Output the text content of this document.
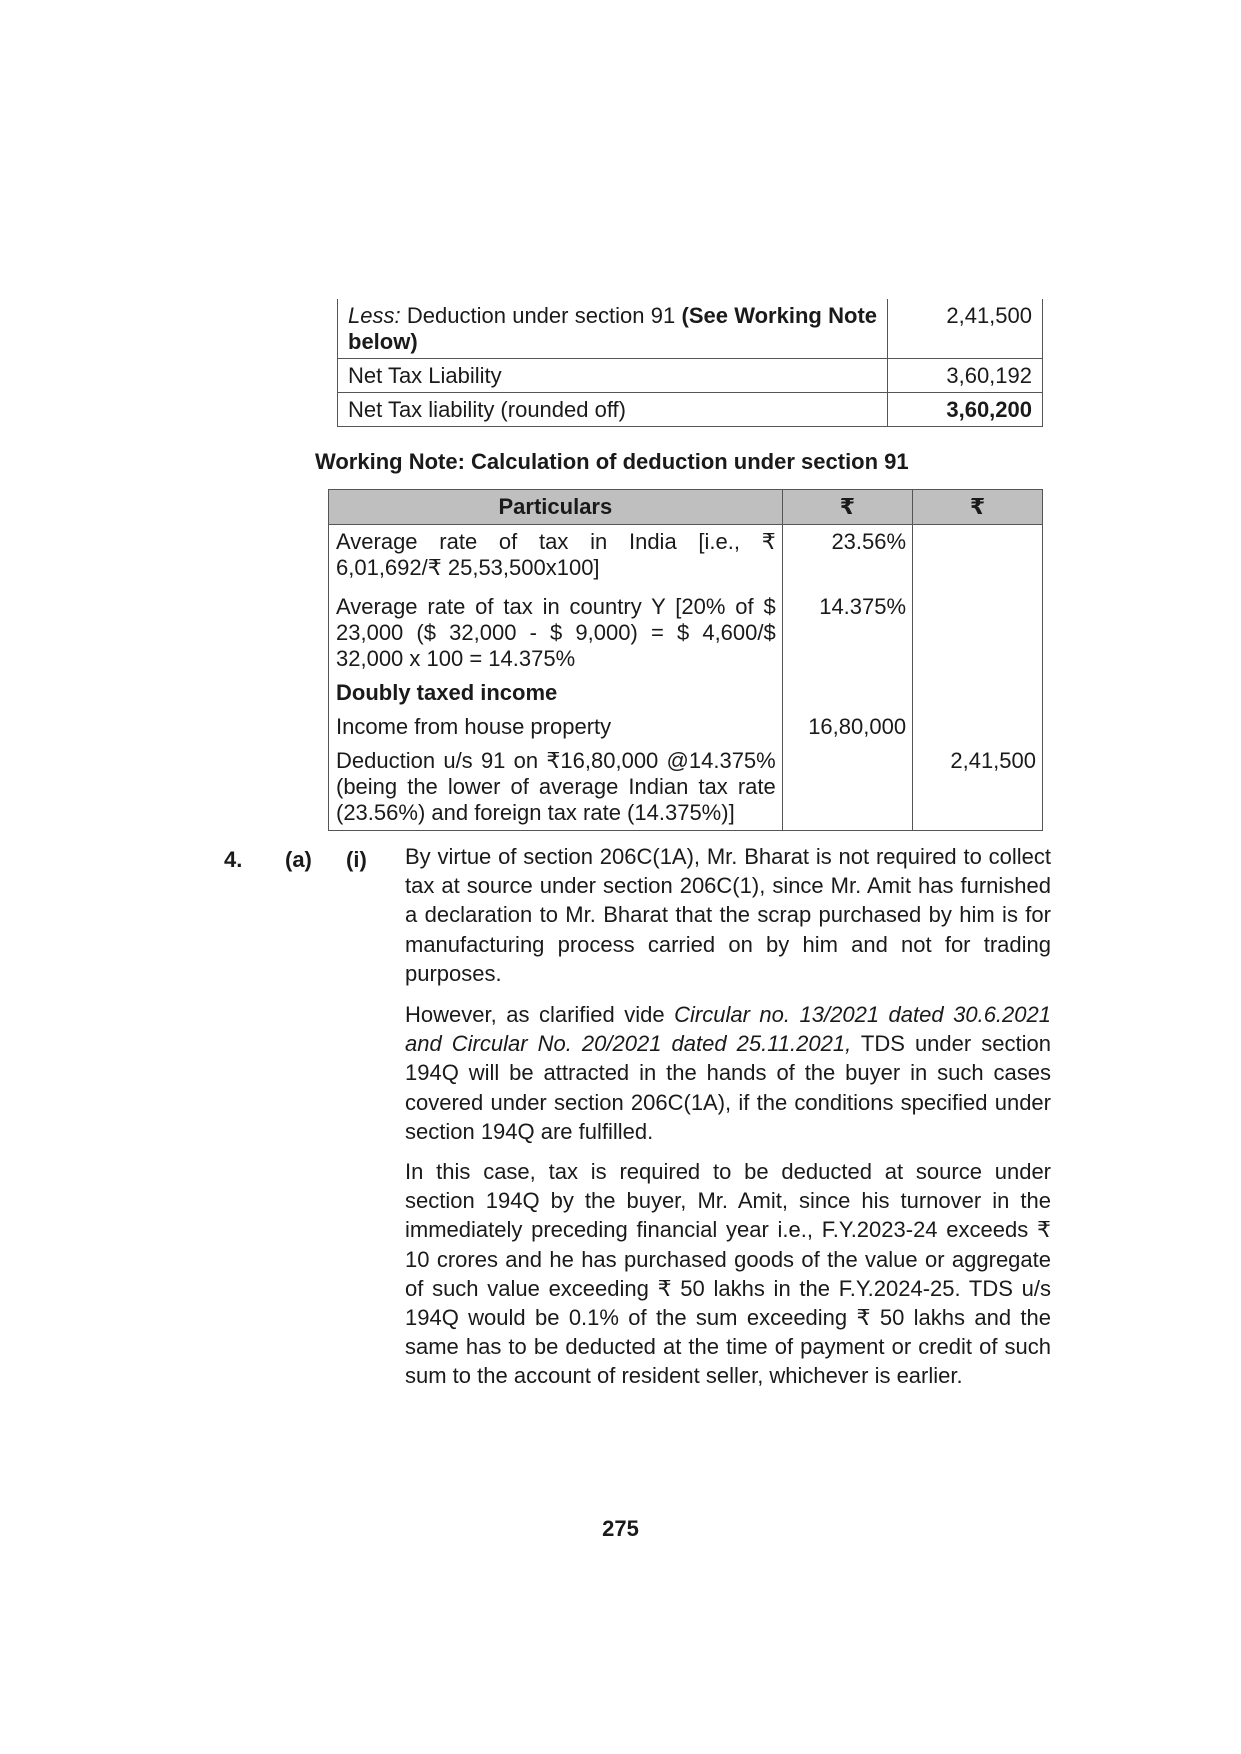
Less: Deduction under section 91 (See Working Note below)	2,41,500
Net Tax Liability	3,60,192
Net Tax liability (rounded off)	3,60,200
Working Note: Calculation of deduction under section 91
Particulars	₹	₹
Average rate of tax in India [i.e., ₹ 6,01,692/₹ 25,53,500x100]	23.56%	
Average rate of tax in country Y [20% of $ 23,000 ($ 32,000 - $ 9,000) = $ 4,600/$ 32,000 x 100 = 14.375%	14.375%	
Doubly taxed income		
Income from house property	16,80,000	
Deduction u/s 91 on ₹16,80,000 @14.375% (being the lower of average Indian tax rate (23.56%) and foreign tax rate (14.375%)]		2,41,500
4. (a) (i) By virtue of section 206C(1A), Mr. Bharat is not required to collect tax at source under section 206C(1), since Mr. Amit has furnished a declaration to Mr. Bharat that the scrap purchased by him is for manufacturing process carried on by him and not for trading purposes.
However, as clarified vide Circular no. 13/2021 dated 30.6.2021 and Circular No. 20/2021 dated 25.11.2021, TDS under section 194Q will be attracted in the hands of the buyer in such cases covered under section 206C(1A), if the conditions specified under section 194Q are fulfilled.
In this case, tax is required to be deducted at source under section 194Q by the buyer, Mr. Amit, since his turnover in the immediately preceding financial year i.e., F.Y.2023-24 exceeds ₹ 10 crores and he has purchased goods of the value or aggregate of such value exceeding ₹ 50 lakhs in the F.Y.2024-25. TDS u/s 194Q would be 0.1% of the sum exceeding ₹ 50 lakhs and the same has to be deducted at the time of payment or credit of such sum to the account of resident seller, whichever is earlier.
275
